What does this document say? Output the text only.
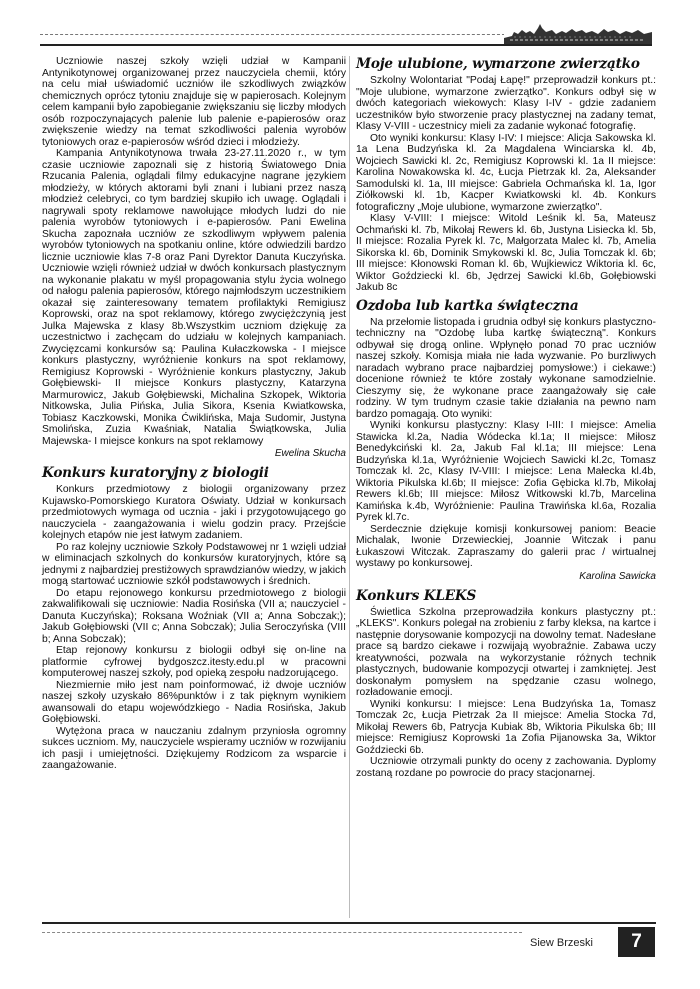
Uczniowie naszej szkoły wzięli udział w Kampanii Antynikotynowej organizowanej przez nauczyciela chemii, który na celu miał uświadomić uczniów ile szkodliwych związków chemicznych oprócz tytoniu znajduje się w papierosach. Kolejnym celem kampanii było zapobieganie zwiększaniu się liczby młodych osób rozpoczynających palenie lub palenie e-papierosów oraz zwiększenie wiedzy na temat szkodliwości palenia wyrobów tytoniowych oraz e-papierosów wśród dzieci i młodzieży.

Kampania Antynikotynowa trwała 23-27.11.2020 r., w tym czasie uczniowie zapoznali się z historią Światowego Dnia Rzucania Palenia, oglądali filmy edukacyjne nagrane językiem młodzieży, w których aktorami byli znani i lubiani przez naszą młodzież celebryci, co tym bardziej skupiło ich uwagę. Oglądali i nagrywali spoty reklamowe nawołujące młodych ludzi do nie palenia wyrobów tytoniowych i e-papierosów. Pani Ewelina Skucha zapoznała uczniów ze szkodliwym wpływem palenia wyrobów tytoniowych na spotkaniu online, które odwiedzili bardzo licznie uczniowie klas 7-8 oraz Pani Dyrektor Danuta Kuczyńska. Uczniowie wzięli również udział w dwóch konkursach plastycznym na wykonanie plakatu w myśl propagowania stylu życia wolnego od nałogu palenia papierosów, którego najmłodszym uczestnikiem okazał się zainteresowany tematem profilaktyki Remigiusz Koprowski, oraz na spot reklamowy, którego zwyciężczynią jest Julka Majewska z klasy 8b.Wszystkim uczniom dziękuję za uczestnictwo i zachęcam do udziału w kolejnych kampaniach. Zwycięzcami konkursów są: Paulina Kułaczkowska - I miejsce konkurs plastyczny, wyróżnienie konkurs na spot reklamowy, Remigiusz Koprowski - Wyróżnienie konkurs plastyczny, Jakub Gołębiewski- II miejsce Konkurs plastyczny, Katarzyna Marmurowicz, Jakub Gołębiewski, Michalina Szkopek, Wiktoria Nitkowska, Julia Pińska, Julia Sikora, Ksenia Kwiatkowska, Tobiasz Kaczkowski, Monika Ćwiklińska, Maja Sudomir, Justyna Smolińska, Zuzia Kwaśniak, Natalia Świątkowska, Julia Majewska- I miejsce konkurs na spot reklamowy

Ewelina Skucha

Konkurs kuratoryjny z biologii

Konkurs przedmiotowy z biologii organizowany przez Kujawsko-Pomorskiego Kuratora Oświaty. Udział w konkursach przedmiotowych wymaga od ucznia - jaki i przygotowującego go nauczyciela - zaangażowania i wielu godzin pracy. Przejście kolejnych etapów nie jest łatwym zadaniem.

Po raz kolejny uczniowie Szkoły Podstawowej nr 1 wzięli udział w eliminacjach szkolnych do konkursów kuratoryjnych, które są jednymi z najbardziej prestiżowych sprawdzianów wiedzy, w jakich mogą startować uczniowie szkół podstawowych i średnich.

Do etapu rejonowego konkursu przedmiotowego z biologii zakwalifikowali się uczniowie: Nadia Rosińska (VII a; nauczyciel - Danuta Kuczyńska); Roksana Woźniak (VII a; Anna Sobczak;); Jakub Gołębiowski (VII c; Anna Sobczak); Julia Seroczyńska (VIII b; Anna Sobczak);

Etap rejonowy konkursu z biologii odbył się on-line na platformie cyfrowej bydgoszcz.itesty.edu.pl w pracowni komputerowej naszej szkoły, pod opieką zespołu nadzorującego.

Niezmiernie miło jest nam poinformować, iż dwoje uczniów naszej szkoły uzyskało 86%punktów i z tak pięknym wynikiem awansowali do etapu wojewódzkiego - Nadia Rosińska, Jakub Gołębiowski.

Wytężona praca w nauczaniu zdalnym przyniosła ogromny sukces uczniom. My, nauczyciele wspieramy uczniów w rozwijaniu ich pasji i umiejętności. Dziękujemy Rodzicom za wsparcie i zaangażowanie.

Moje ulubione, wymarzone zwierzątko

Szkolny Wolontariat "Podaj Łapę!" przeprowadził konkurs pt.: "Moje ulubione, wymarzone zwierzątko". Konkurs odbył się w dwóch kategoriach wiekowych: Klasy I-IV - gdzie zadaniem uczestników było stworzenie pracy plastycznej na zadany temat, Klasy V-VIII - uczestnicy mieli za zadanie wykonać fotografię.

Oto wyniki konkursu: Klasy I-IV: I miejsce: Alicja Sakowska kl. 1a Lena Budzyńska kl. 2a Magdalena Winciarska kl. 4b, Wojciech Sawicki kl. 2c, Remigiusz Koprowski kl. 1a II miejsce: Karolina Nowakowska kl. 4c, Łucja Pietrzak kl. 2a, Aleksander Samodulski kl. 1a, III miejsce: Gabriela Ochmańska kl. 1a, Igor Ziółkowski kl. 1b, Kacper Kwiatkowski kl. 4b. Konkurs fotograficzny „Moje ulubione, wymarzone zwierzątko".

Klasy V-VIII: I miejsce: Witold Leśnik kl. 5a, Mateusz Ochmański kl. 7b, Mikołaj Rewers kl. 6b, Justyna Lisiecka kl. 5b, II miejsce: Rozalia Pyrek kl. 7c, Małgorzata Malec kl. 7b, Amelia Sikorska kl. 6b, Dominik Smykowski kl. 8c, Julia Tomczak kl. 6b; III miejsce: Kłonowski Roman kl. 6b, Wujkiewicz Wiktoria kl. 6c, Wiktor Goździecki kl. 6b, Jędrzej Sawicki kl.6b, Gołębiowski Jakub 8c

Ozdoba lub kartka świąteczna

Na przełomie listopada i grudnia odbył się konkurs plastyczno-techniczny na "Ozdobę luba kartkę świąteczną". Konkurs odbywał się drogą online. Wpłynęło ponad 70 prac uczniów naszej szkoły. Komisja miała nie łada wyzwanie. Po burzliwych naradach wybrano prace najbardziej pomysłowe:) i ciekawe:) docenione również te które zostały wykonane samodzielnie. Cieszymy się, że wykonane prace zaangażowały się całe rodziny. W tym trudnym czasie takie działania na pewno nam bardzo pomagają. Oto wyniki:

Wyniki konkursu plastyczny: Klasy I-III: I miejsce: Amelia Stawicka kl.2a, Nadia Wódecka kl.1a; II miejsce: Miłosz Benedykciński kl. 2a, Jakub Fal kl.1a; III miejsce: Lena Budzyńska kl.1a, Wyróżnienie Wojciech Sawicki kl.2c, Tomasz Tomczak kl. 2c, Klasy IV-VIII: I miejsce: Lena Małecka kl.4b, Wiktoria Pikulska kl.6b; II miejsce: Zofia Gębicka kl.7b, Mikołaj Rewers kl.6b; III miejsce: Miłosz Witkowski kl.7b, Marcelina Kamińska k.4b, Wyróżnienie: Paulina Trawińska kl.6a, Rozalia Pyrek kl.7c.

Serdecznie dziękuje komisji konkursowej paniom: Beacie Michalak, Iwonie Drzewieckiej, Joannie Witczak i panu Łukaszowi Witczak. Zapraszamy do galerii prac / wirtualnej wystawy po konkursowej.

Karolina Sawicka

Konkurs KLEKS

Świetlica Szkolna przeprowadziła konkurs plastyczny pt.: „KLEKS". Konkurs polegał na zrobieniu z farby kleksa, na kartce i następnie dorysowanie kompozycji na dowolny temat. Nadesłane prace są bardzo ciekawe i rozwijają wyobraźnie. Zabawa uczy kreatywności, pozwala na wykorzystanie różnych technik plastycznych, budowanie kompozycji otwartej i zamkniętej. Jest doskonałym pomysłem na spędzanie czasu wolnego, rozładowanie emocji.

Wyniki konkursu: I miejsce: Lena Budzyńska 1a, Tomasz Tomczak 2c, Łucja Pietrzak 2a II miejsce: Amelia Stocka 7d, Mikołaj Rewers 6b, Patrycja Kubiak 8b, Wiktoria Pikulska 6b; III miejsce: Remigiusz Koprowski 1a Zofia Pijanowska 3a, Wiktor Goździecki 6b.

Uczniowie otrzymali punkty do oceny z zachowania. Dyplomy zostaną rozdane po powrocie do pracy stacjonarnej.

Siew Brzeski	7
